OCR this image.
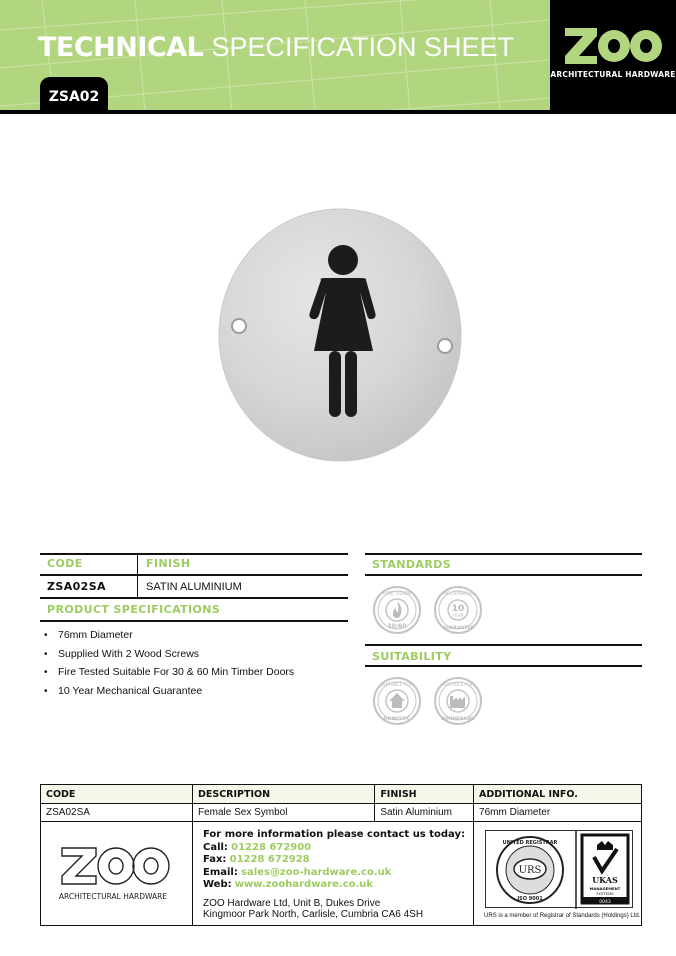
TECHNICAL SPECIFICATION SHEET
ZSA02
ARCHITECTURAL HARDWARE
CODE	FINISH
ZSA02SA	SATIN ALUMINIUM
PRODUCT SPECIFICATIONS
• 76mm Diameter
• Supplied With 2 Wood Screws
• Fire Tested Suitable For 30 & 60 Min Timber Doors
• 10 Year Mechanical Guarantee
STANDARDS
30/60
FIRE DOOR
10
YEAR
MECHANICAL
GUARANTEE
SUITABILITY
SUITABLE FOR
DOMESTIC
SUITABLE FOR
COMMERCIAL
CODE	DESCRIPTION	FINISH	ADDITIONAL INFO.
ZSA02SA	Female Sex Symbol	Satin Aluminium	76mm Diameter

ARCHITECTURAL HARDWARE

For more information please contact us today:
Call: 01228 672900
Fax: 01228 672928
Email: sales@zoo-hardware.co.uk
Web: www.zoohardware.co.uk
ZOO Hardware Ltd, Unit B, Dukes Drive
Kingmoor Park North, Carlisle, Cumbria CA6 4SH

URS
UNITED REGISTRAR
ISO 9001
UKAS
MANAGEMENT
SYSTEMS
0043
URS is a member of Registrar of Standards (Holdings) Ltd.
